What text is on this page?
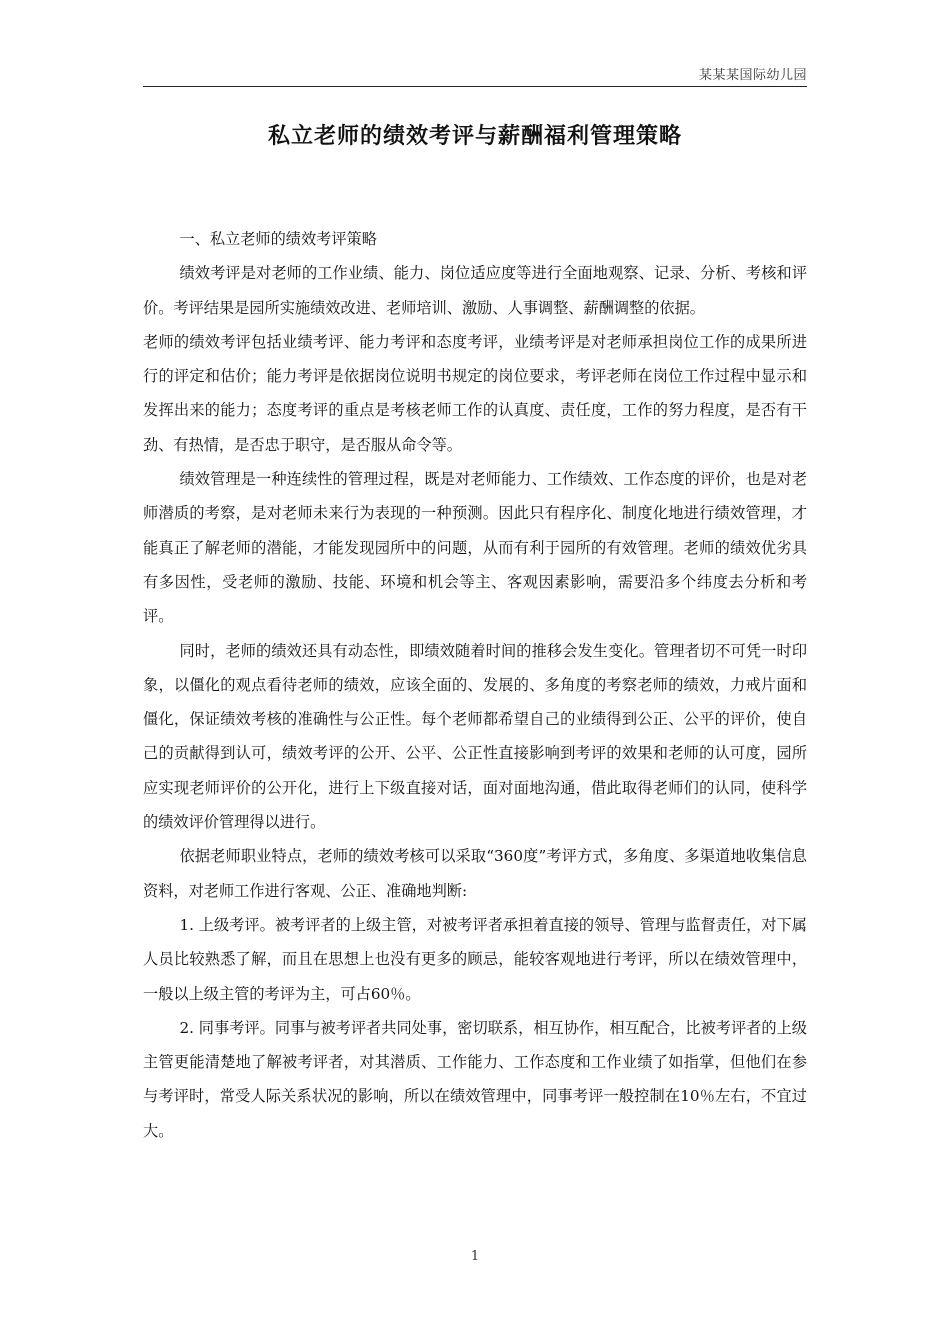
某某某国际幼儿园
私立老师的绩效考评与薪酬福利管理策略

一、私立老师的绩效考评策略

绩效考评是对老师的工作业绩、能力、岗位适应度等进行全面地观察、记录、分析、考核和评价。考评结果是园所实施绩效改进、老师培训、激励、人事调整、薪酬调整的依据。

老师的绩效考评包括业绩考评、能力考评和态度考评，业绩考评是对老师承担岗位工作的成果所进行的评定和估价；能力考评是依据岗位说明书规定的岗位要求，考评老师在岗位工作过程中显示和发挥出来的能力；态度考评的重点是考核老师工作的认真度、责任度，工作的努力程度，是否有干劲、有热情，是否忠于职守，是否服从命令等。

绩效管理是一种连续性的管理过程，既是对老师能力、工作绩效、工作态度的评价，也是对老师潜质的考察，是对老师未来行为表现的一种预测。因此只有程序化、制度化地进行绩效管理，才能真正了解老师的潜能，才能发现园所中的问题，从而有利于园所的有效管理。老师的绩效优劣具有多因性，受老师的激励、技能、环境和机会等主、客观因素影响，需要沿多个纬度去分析和考评。

同时，老师的绩效还具有动态性，即绩效随着时间的推移会发生变化。管理者切不可凭一时印象，以僵化的观点看待老师的绩效，应该全面的、发展的、多角度的考察老师的绩效，力戒片面和僵化，保证绩效考核的准确性与公正性。每个老师都希望自己的业绩得到公正、公平的评价，使自己的贡献得到认可，绩效考评的公开、公平、公正性直接影响到考评的效果和老师的认可度，园所应实现老师评价的公开化，进行上下级直接对话，面对面地沟通，借此取得老师们的认同，使科学的绩效评价管理得以进行。

依据老师职业特点，老师的绩效考核可以采取“360度”考评方式，多角度、多渠道地收集信息资料，对老师工作进行客观、公正、准确地判断:

1. 上级考评。被考评者的上级主管，对被考评者承担着直接的领导、管理与监督责任，对下属人员比较熟悉了解，而且在思想上也没有更多的顾忌，能较客观地进行考评，所以在绩效管理中，一般以上级主管的考评为主，可占60％。

2. 同事考评。同事与被考评者共同处事，密切联系，相互协作，相互配合，比被考评者的上级主管更能清楚地了解被考评者，对其潜质、工作能力、工作态度和工作业绩了如指掌，但他们在参与考评时，常受人际关系状况的影响，所以在绩效管理中，同事考评一般控制在10％左右，不宜过大。

1
